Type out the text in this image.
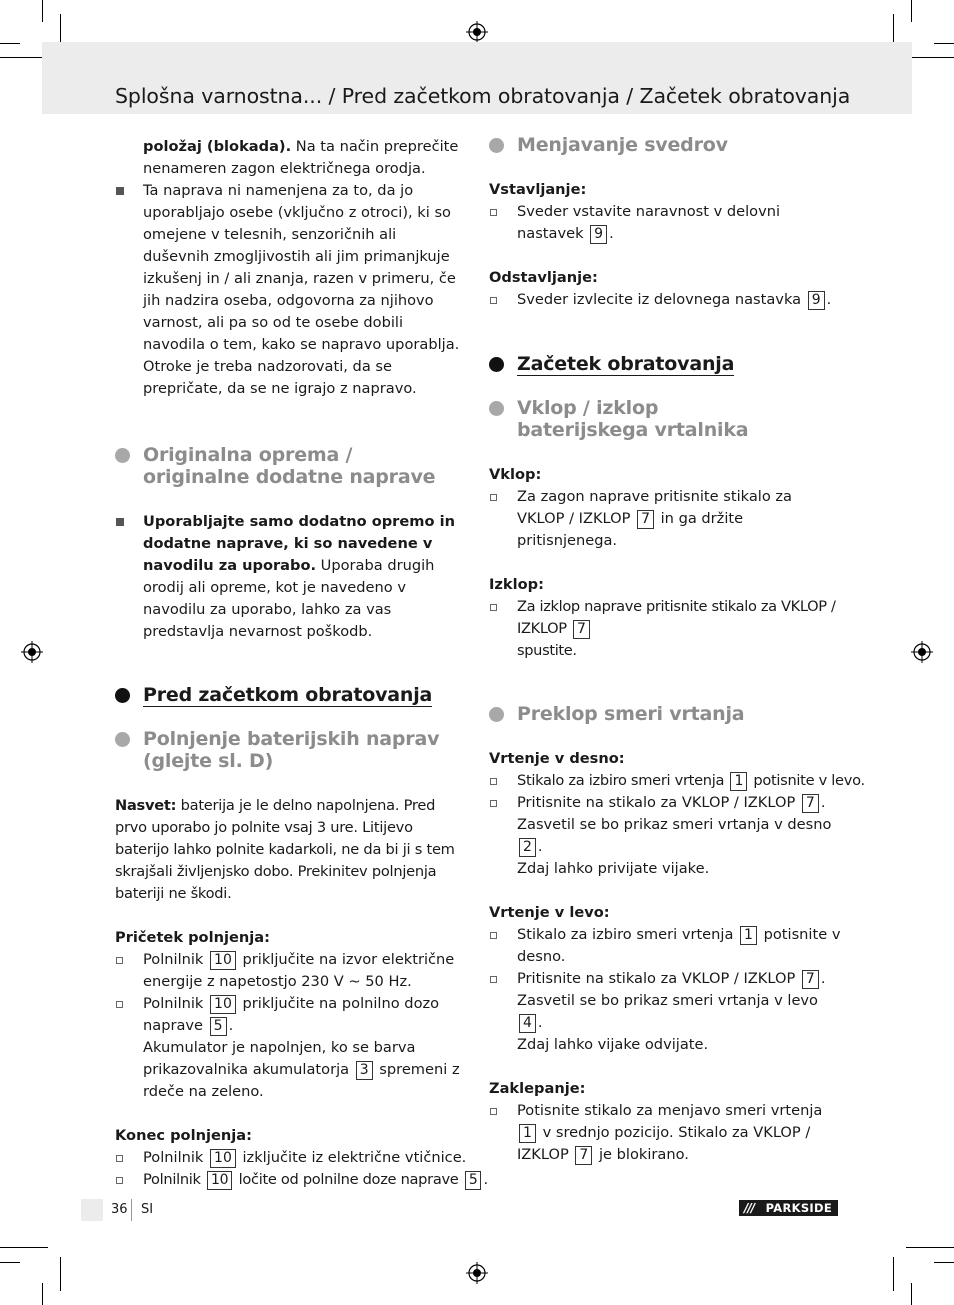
Splošna varnostna... / Pred začetkom obratovanja / Začetek obratovanja

položaj (blokada). Na ta način preprečite nenameren zagon električnega orodja.

Ta naprava ni namenjena za to, da jo uporabljajo osebe (vključno z otroci), ki so omejene v telesnih, senzoričnih ali duševnih zmogljivostih ali jim primanjkuje izkušenj in / ali znanja, razen v primeru, če jih nadzira oseba, odgovorna za njihovo varnost, ali pa so od te osebe dobili navodila o tem, kako se napravo uporablja. Otroke je treba nadzorovati, da se prepričate, da se ne igrajo z napravo.
Originalna oprema /
originalne dodatne naprave
Uporabljajte samo dodatno opremo in dodatne naprave, ki so navedene v navodilu za uporabo. Uporaba drugih orodij ali opreme, kot je navedeno v navodilu za uporabo, lahko za vas predstavlja nevarnost poškodb.
Pred začetkom obratovanja
Polnjenje baterijskih naprav
(glejte sl. D)

Nasvet: baterija je le delno napolnjena. Pred prvo uporabo jo polnite vsaj 3 ure. Litijevo baterijo lahko polnite kadarkoli, ne da bi ji s tem skrajšali življenjsko dobo. Prekinitev polnjenja bateriji ne škodi.

Pričetek polnjenja:

Polnilnik 10 priključite na izvor električne energije z napetostjo 230 V ~ 50 Hz.
Polnilnik 10 priključite na polnilno dozo naprave 5 .
Akumulator je napolnjen, ko se barva prikazovalnika akumulatorja 3 spremeni z rdeče na zeleno.

Konec polnjenja:

Polnilnik 10 izključite iz električne vtičnice.
Polnilnik 10 ločite od polnilne doze naprave 5 .
Menjavanje svedrov

Vstavljanje:

Sveder vstavite naravnost v delovni nastavek 9 .

Odstavljanje:

Sveder izvlecite iz delovnega nastavka 9 .
Začetek obratovanja
Vklop / izklop
baterijskega vrtalnika

Vklop:

Za zagon naprave pritisnite stikalo za VKLOP / IZKLOP 7 in ga držite pritisnjenega.

Izklop:

Za izklop naprave pritisnite stikalo za VKLOP / IZKLOP 7
spustite.
Preklop smeri vrtanja

Vrtenje v desno:

Stikalo za izbiro smeri vrtenja 1 potisnite v levo.
Pritisnite na stikalo za VKLOP / IZKLOP 7 .
Zasvetil se bo prikaz smeri vrtanja v desno 2 .
Zdaj lahko privijate vijake.

Vrtenje v levo:

Stikalo za izbiro smeri vrtenja 1 potisnite v desno.
Pritisnite na stikalo za VKLOP / IZKLOP 7 .
Zasvetil se bo prikaz smeri vrtanja v levo 4 .
Zdaj lahko vijake odvijate.

Zaklepanje:

Potisnite stikalo za menjavo smeri vrtenja 1 v srednjo pozicijo. Stikalo za VKLOP / IZKLOP 7 je blokirano.
36 SI	/// PARKSIDE
